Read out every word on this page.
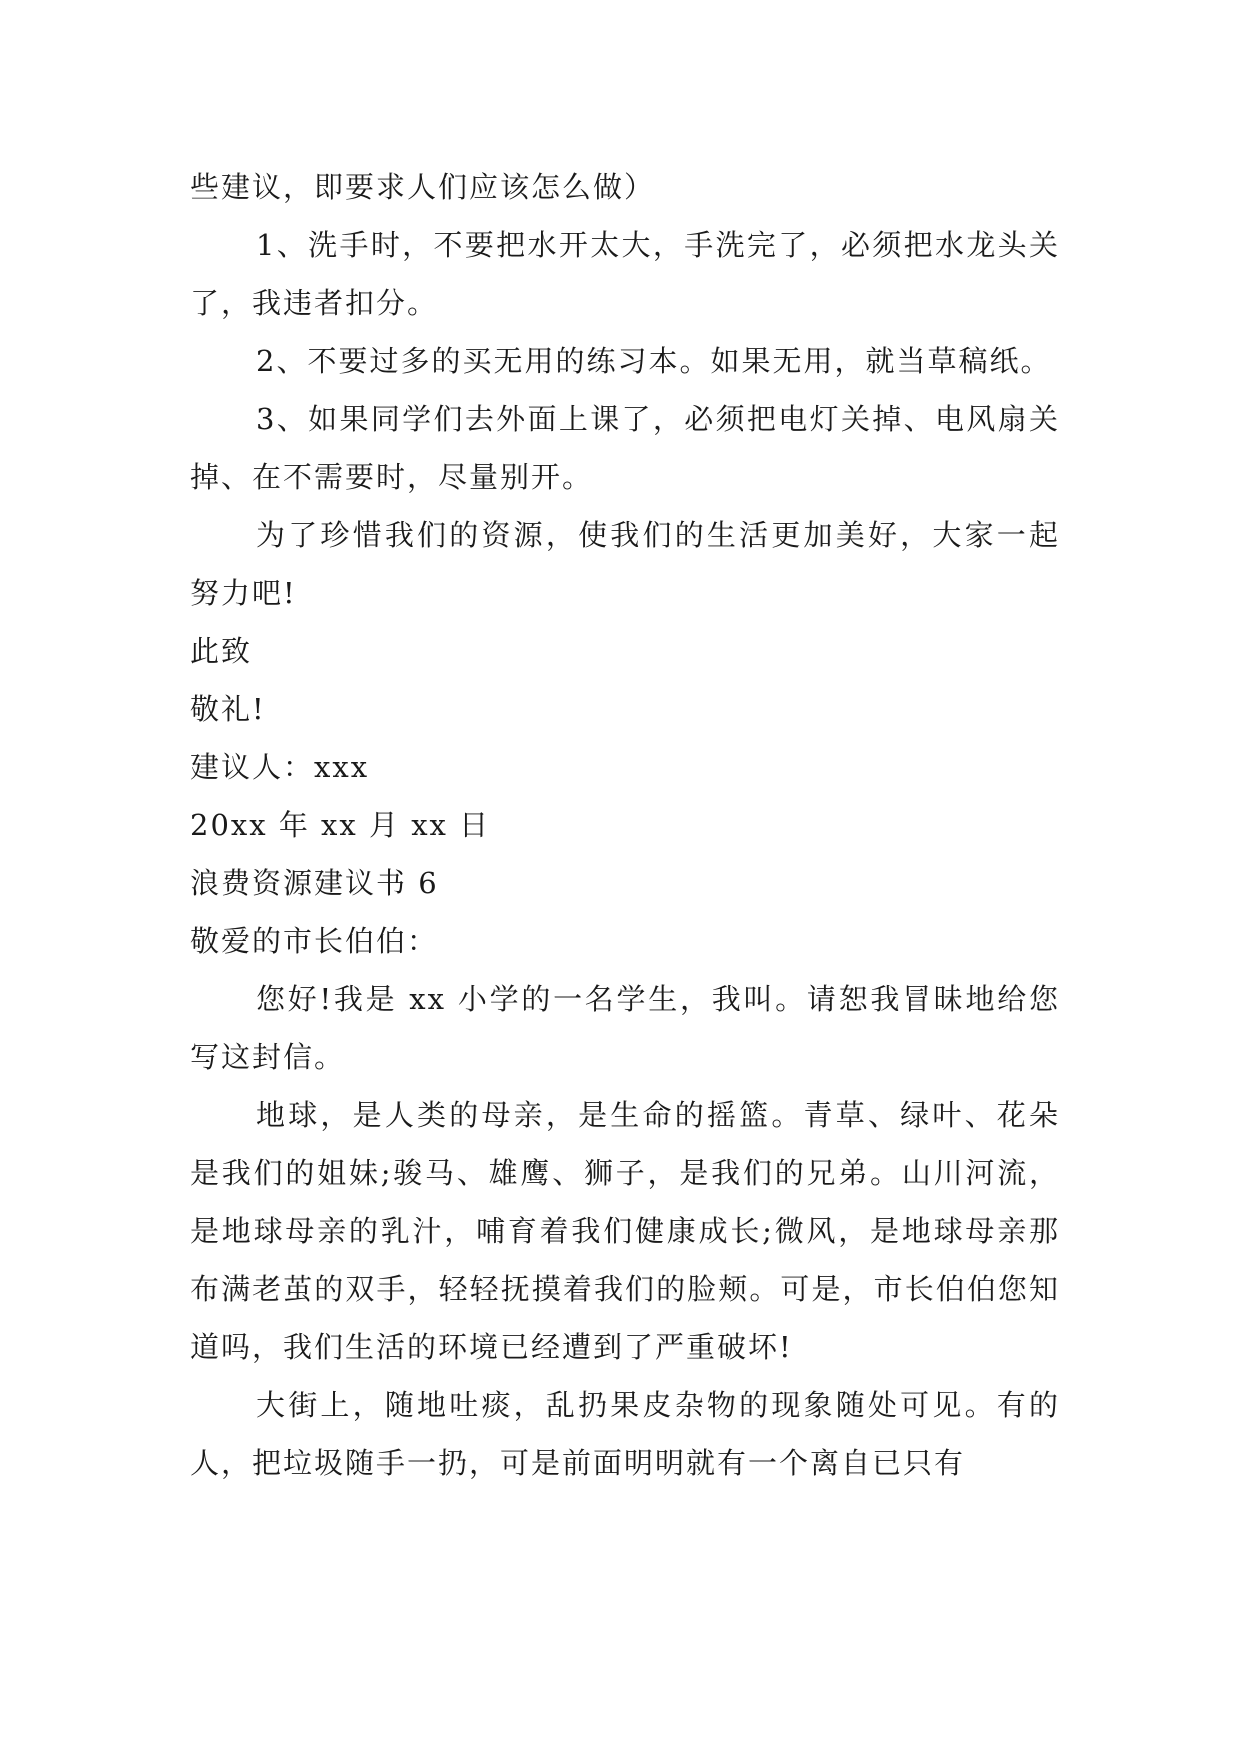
些建议，即要求人们应该怎么做）

1、洗手时，不要把水开太大，手洗完了，必须把水龙头关了，我违者扣分。

2、不要过多的买无用的练习本。如果无用，就当草稿纸。

3、如果同学们去外面上课了，必须把电灯关掉、电风扇关掉、在不需要时，尽量别开。

为了珍惜我们的资源，使我们的生活更加美好，大家一起努力吧!

此致

敬礼!

建议人：xxx

20xx 年 xx 月 xx 日

浪费资源建议书 6

敬爱的市长伯伯：

您好!我是 xx 小学的一名学生，我叫。请恕我冒昧地给您写这封信。

地球，是人类的母亲，是生命的摇篮。青草、绿叶、花朵是我们的姐妹;骏马、雄鹰、狮子，是我们的兄弟。山川河流，是地球母亲的乳汁，哺育着我们健康成长;微风，是地球母亲那布满老茧的双手，轻轻抚摸着我们的脸颊。可是，市长伯伯您知道吗，我们生活的环境已经遭到了严重破坏!

大街上，随地吐痰，乱扔果皮杂物的现象随处可见。有的人，把垃圾随手一扔，可是前面明明就有一个离自已只有
